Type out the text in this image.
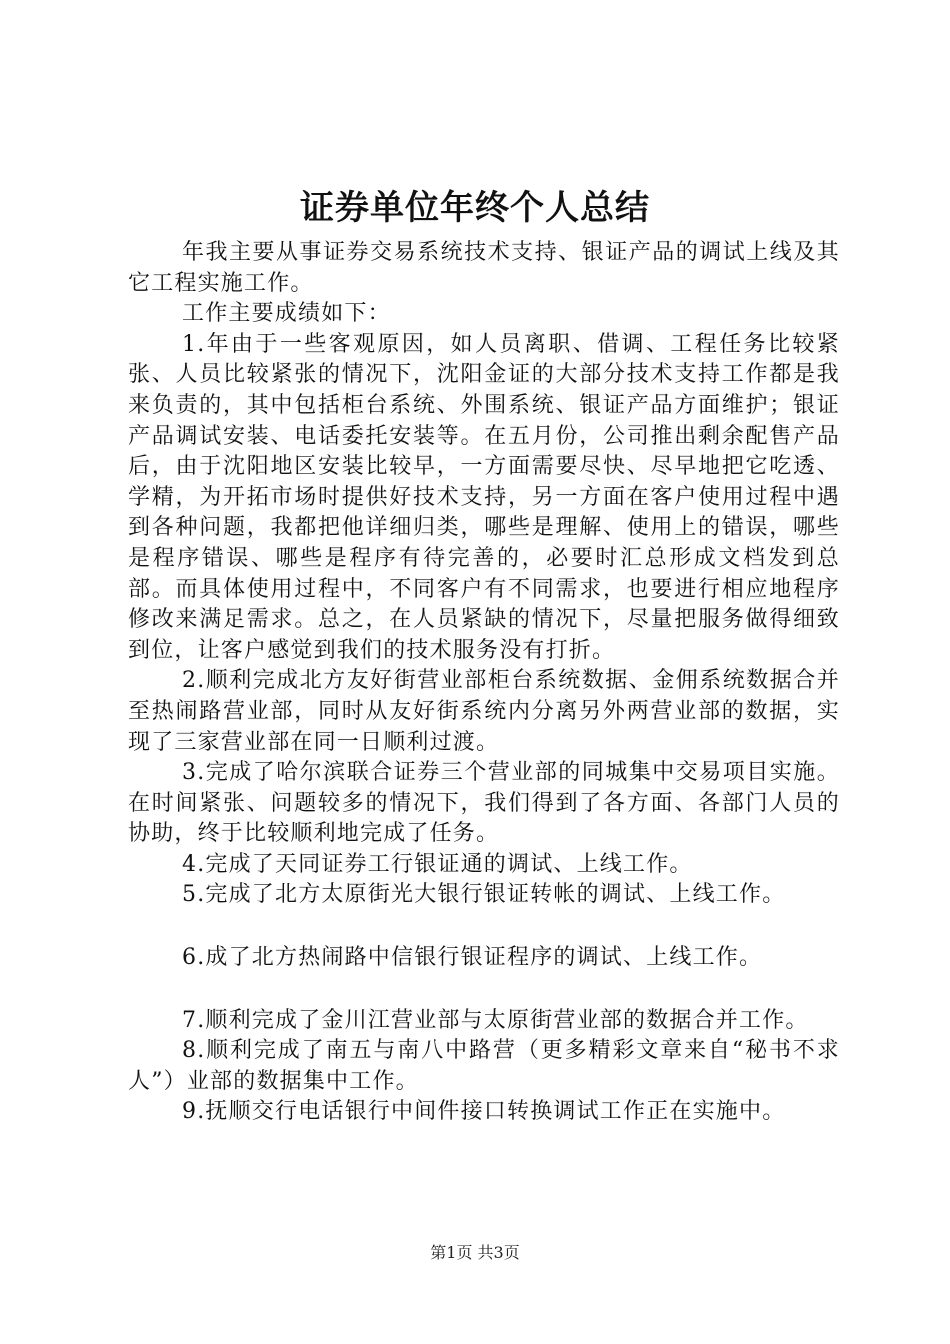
证券单位年终个人总结

年我主要从事证券交易系统技术支持、银证产品的调试上线及其它工程实施工作。

工作主要成绩如下：

1.年由于一些客观原因，如人员离职、借调、工程任务比较紧张、人员比较紧张的情况下，沈阳金证的大部分技术支持工作都是我来负责的，其中包括柜台系统、外围系统、银证产品方面维护；银证产品调试安装、电话委托安装等。在五月份，公司推出剩余配售产品后，由于沈阳地区安装比较早，一方面需要尽快、尽早地把它吃透、学精，为开拓市场时提供好技术支持，另一方面在客户使用过程中遇到各种问题，我都把他详细归类，哪些是理解、使用上的错误，哪些是程序错误、哪些是程序有待完善的，必要时汇总形成文档发到总部。而具体使用过程中，不同客户有不同需求，也要进行相应地程序修改来满足需求。总之，在人员紧缺的情况下，尽量把服务做得细致到位，让客户感觉到我们的技术服务没有打折。

2.顺利完成北方友好街营业部柜台系统数据、金佣系统数据合并至热闹路营业部，同时从友好街系统内分离另外两营业部的数据，实现了三家营业部在同一日顺利过渡。

3.完成了哈尔滨联合证券三个营业部的同城集中交易项目实施。在时间紧张、问题较多的情况下，我们得到了各方面、各部门人员的协助，终于比较顺利地完成了任务。

4.完成了天同证券工行银证通的调试、上线工作。

5.完成了北方太原街光大银行银证转帐的调试、上线工作。

6.成了北方热闹路中信银行银证程序的调试、上线工作。

7.顺利完成了金川江营业部与太原街营业部的数据合并工作。

8.顺利完成了南五与南八中路营（更多精彩文章来自“秘书不求人”）业部的数据集中工作。

9.抚顺交行电话银行中间件接口转换调试工作正在实施中。

第1页 共3页
